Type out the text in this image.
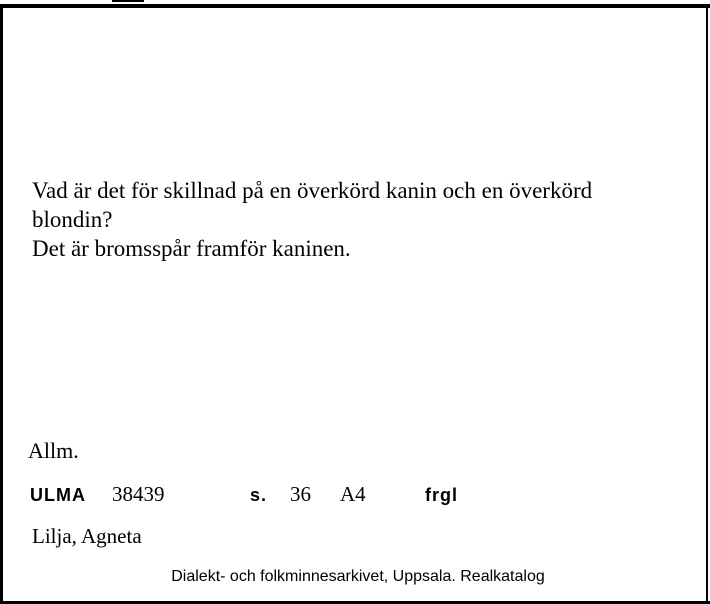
Vad är det för skillnad på en överkörd kanin och en överkörd
blondin?
Det är bromsspår framför kaninen.
Allm.
ULMA 38439	s. 36 A4	frgl
Lilja, Agneta
Dialekt- och folkminnesarkivet, Uppsala. Realkatalog
